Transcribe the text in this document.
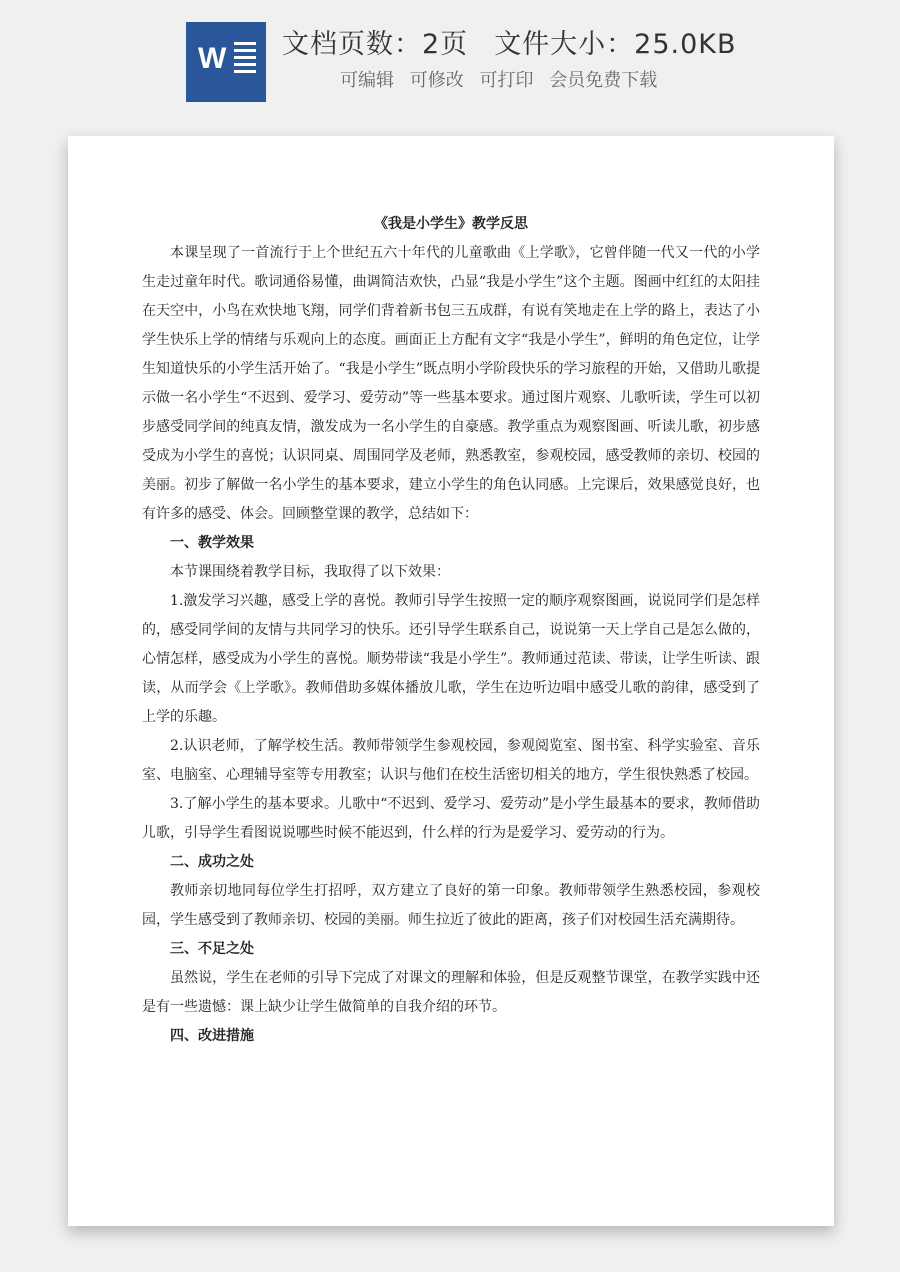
W 文档页数：2页 文件大小：25.0KB
可编辑 可修改 可打印 会员免费下载

《我是小学生》教学反思

本课呈现了一首流行于上个世纪五六十年代的儿童歌曲《上学歌》，它曾伴随一代又一代的小学生走过童年时代。歌词通俗易懂，曲调简洁欢快，凸显“我是小学生”这个主题。图画中红红的太阳挂在天空中，小鸟在欢快地飞翔，同学们背着新书包三五成群，有说有笑地走在上学的路上，表达了小学生快乐上学的情绪与乐观向上的态度。画面正上方配有文字“我是小学生”，鲜明的角色定位，让学生知道快乐的小学生活开始了。“我是小学生”既点明小学阶段快乐的学习旅程的开始，又借助儿歌提示做一名小学生“不迟到、爱学习、爱劳动”等一些基本要求。通过图片观察、儿歌听读，学生可以初步感受同学间的纯真友情，激发成为一名小学生的自豪感。教学重点为观察图画、听读儿歌，初步感受成为小学生的喜悦；认识同桌、周围同学及老师，熟悉教室，参观校园，感受教师的亲切、校园的美丽。初步了解做一名小学生的基本要求，建立小学生的角色认同感。上完课后，效果感觉良好，也有许多的感受、体会。回顾整堂课的教学，总结如下：

一、教学效果

本节课围绕着教学目标，我取得了以下效果：

1.激发学习兴趣，感受上学的喜悦。教师引导学生按照一定的顺序观察图画，说说同学们是怎样的，感受同学间的友情与共同学习的快乐。还引导学生联系自己，说说第一天上学自己是怎么做的，心情怎样，感受成为小学生的喜悦。顺势带读“我是小学生”。教师通过范读、带读，让学生听读、跟读，从而学会《上学歌》。教师借助多媒体播放儿歌，学生在边听边唱中感受儿歌的韵律，感受到了上学的乐趣。

2.认识老师，了解学校生活。教师带领学生参观校园，参观阅览室、图书室、科学实验室、音乐室、电脑室、心理辅导室等专用教室；认识与他们在校生活密切相关的地方，学生很快熟悉了校园。

3.了解小学生的基本要求。儿歌中“不迟到、爱学习、爱劳动”是小学生最基本的要求，教师借助儿歌，引导学生看图说说哪些时候不能迟到，什么样的行为是爱学习、爱劳动的行为。

二、成功之处

教师亲切地同每位学生打招呼，双方建立了良好的第一印象。教师带领学生熟悉校园，参观校园，学生感受到了教师亲切、校园的美丽。师生拉近了彼此的距离，孩子们对校园生活充满期待。

三、不足之处

虽然说，学生在老师的引导下完成了对课文的理解和体验，但是反观整节课堂，在教学实践中还是有一些遗憾：课上缺少让学生做简单的自我介绍的环节。

四、改进措施
